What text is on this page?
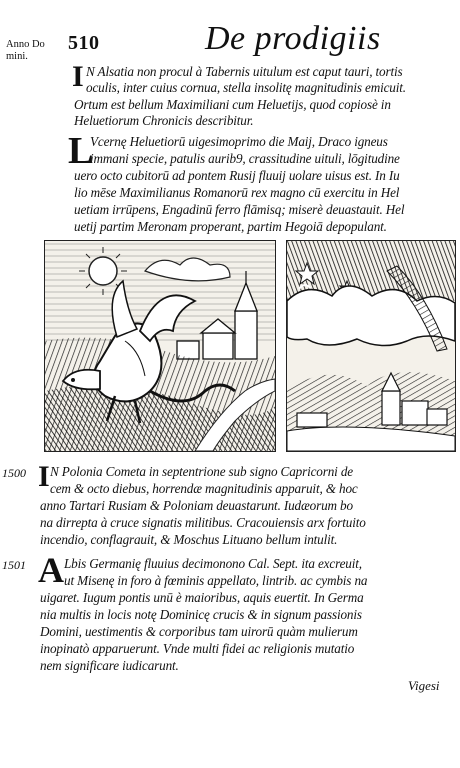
Anno Do
mini.
510	De prodigiis
I N Alsatia non procul à Tabernis uitulum est caput tauri, tortis
oculis, inter cuius cornua, stella insolitę magnitudinis emicuit.
Ortum est bellum Maximiliani cum Heluetijs, quod copiosè in
Heluetiorum Chronicis describitur.
L
Vcernę Heluetiorū uigesimoprimo die Maij, Draco igneus
immani specie, patulis aurib9, crassitudine uituli, lōgitudine
uero octo cubitorū ad pontem Rusij fluuij uolare uisus est. In Iu
lio mēse Maximilianus Romanorū rex magno cū exercitu in Hel
uetiam irrūpens, Engadinū ferro flāmisq; miserè deuastauit. Hel
uetij partim Meronam properant, partim Hegoiā depopulant.
1500 I N Polonia Cometa in septentrione sub signo Capricorni de
cem & octo diebus, horrendæ magnitudinis apparuit, & hoc
anno Tartari Rusiam & Poloniam deuastarunt. Iudæorum bo
na dirrepta à cruce signatis militibus. Cracouiensis arx fortuito
incendio, conflagrauit, & Moschus Lituano bellum intulit.
1501 A Lbis Germanię fluuius decimonono Cal. Sept. ita excreuit,
ut Misenę in foro à fœminis appellato, lintrib. ac cymbis na
uigaret. Iugum pontis unū è maioribus, aquis euertit. In Germa
nia multis in locis notę Dominicę crucis & in signum passionis
Domini, uestimentis & corporibus tam uirorū quàm mulierum
inopinatò apparuerunt. Vnde multi fidei ac religionis mutatio
nem significare iudicarunt.
Vigesi
